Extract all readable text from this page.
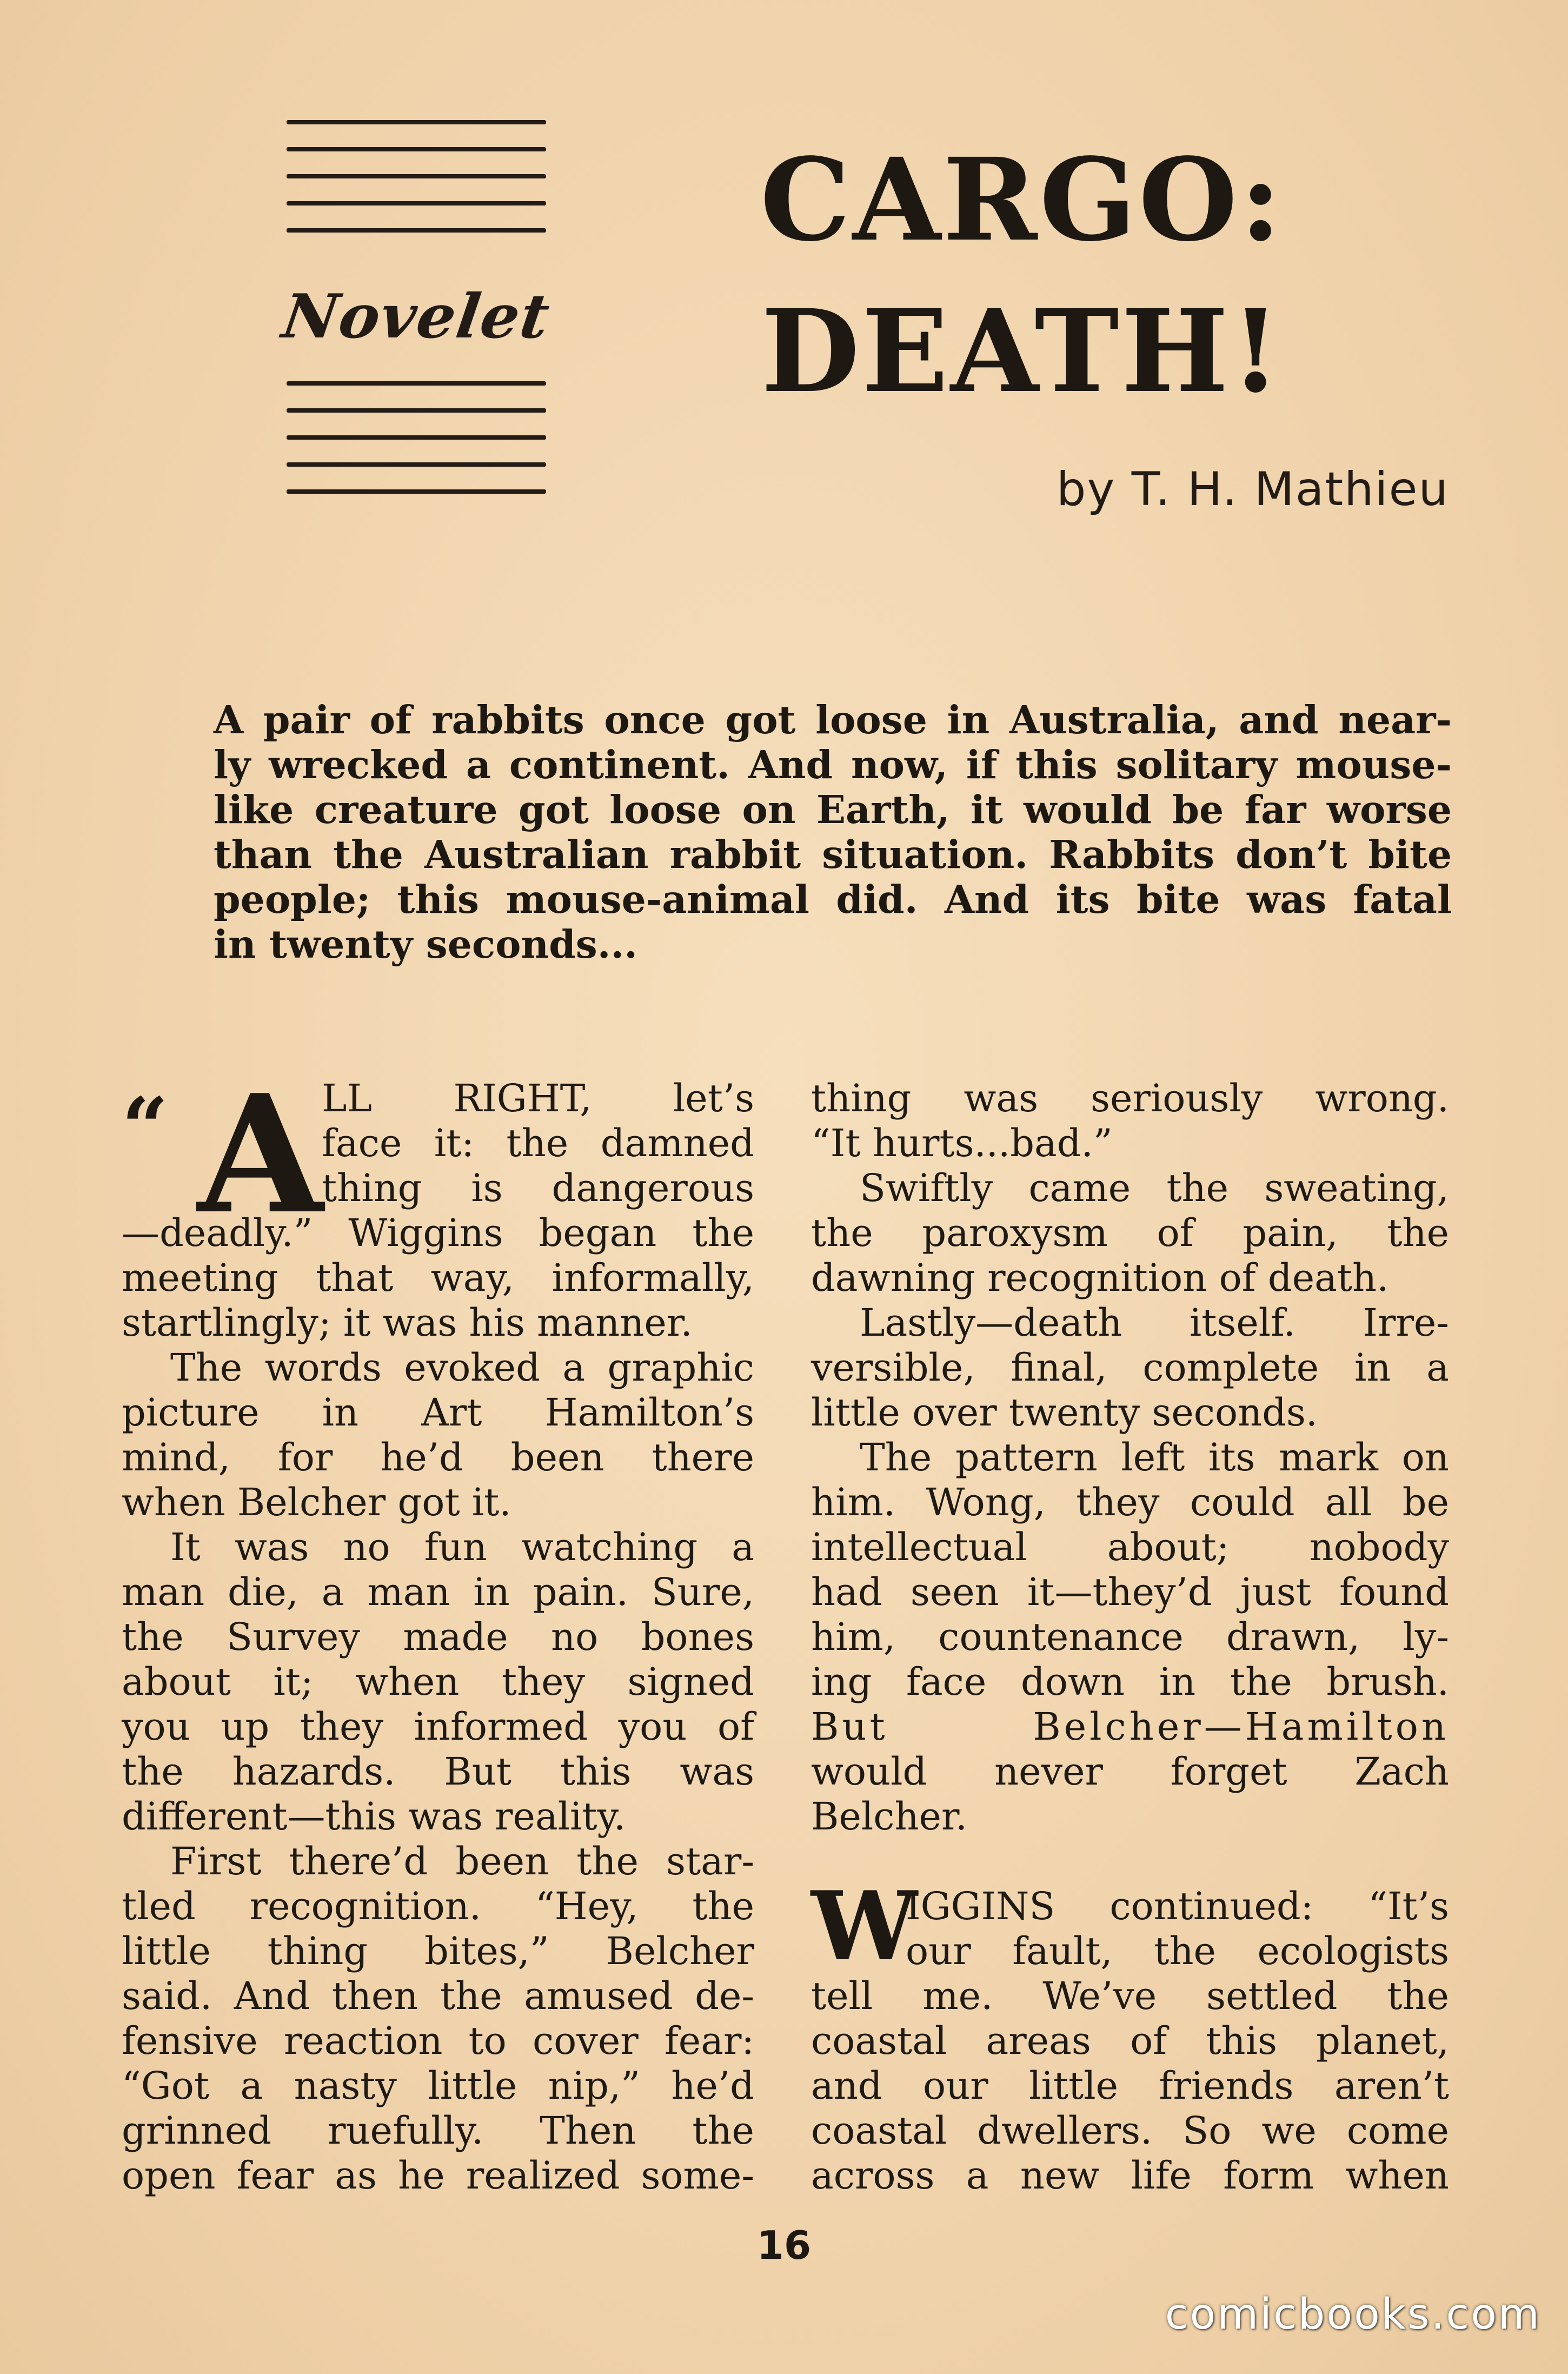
Novelet
CARGO:
DEATH!
by T. H. Mathieu
A pair of rabbits once got loose in Australia, and near-
ly wrecked a continent. And now, if this solitary mouse-
like creature got loose on Earth, it would be far worse
than the Australian rabbit situation. Rabbits don’t bite
people; this mouse-animal did. And its bite was fatal
in twenty seconds...
“ A
LL RIGHT, let’s
face it: the damned
thing is dangerous
—deadly.” Wiggins began the
meeting that way, informally,
startlingly; it was his manner.
The words evoked a graphic
picture in Art Hamilton’s
mind, for he’d been there
when Belcher got it.
It was no fun watching a
man die, a man in pain. Sure,
the Survey made no bones
about it; when they signed
you up they informed you of
the hazards. But this was
different—this was reality.
First there’d been the star-
tled recognition. “Hey, the
little thing bites,” Belcher
said. And then the amused de-
fensive reaction to cover fear:
“Got a nasty little nip,” he’d
grinned ruefully. Then the
open fear as he realized some-
thing was seriously wrong.
“It hurts...bad.”
Swiftly came the sweating,
the paroxysm of pain, the
dawning recognition of death.
Lastly—death itself. Irre-
versible, final, complete in a
little over twenty seconds.
The pattern left its mark on
him. Wong, they could all be
intellectual about; nobody
had seen it—they’d just found
him, countenance drawn, ly-
ing face down in the brush.
But Belcher—Hamilton
would never forget Zach
Belcher.
IGGINS continued: “It’s
our fault, the ecologists
tell me. We’ve settled the
coastal areas of this planet,
and our little friends aren’t
coastal dwellers. So we come
across a new life form when
W
16
comicbooks.com
